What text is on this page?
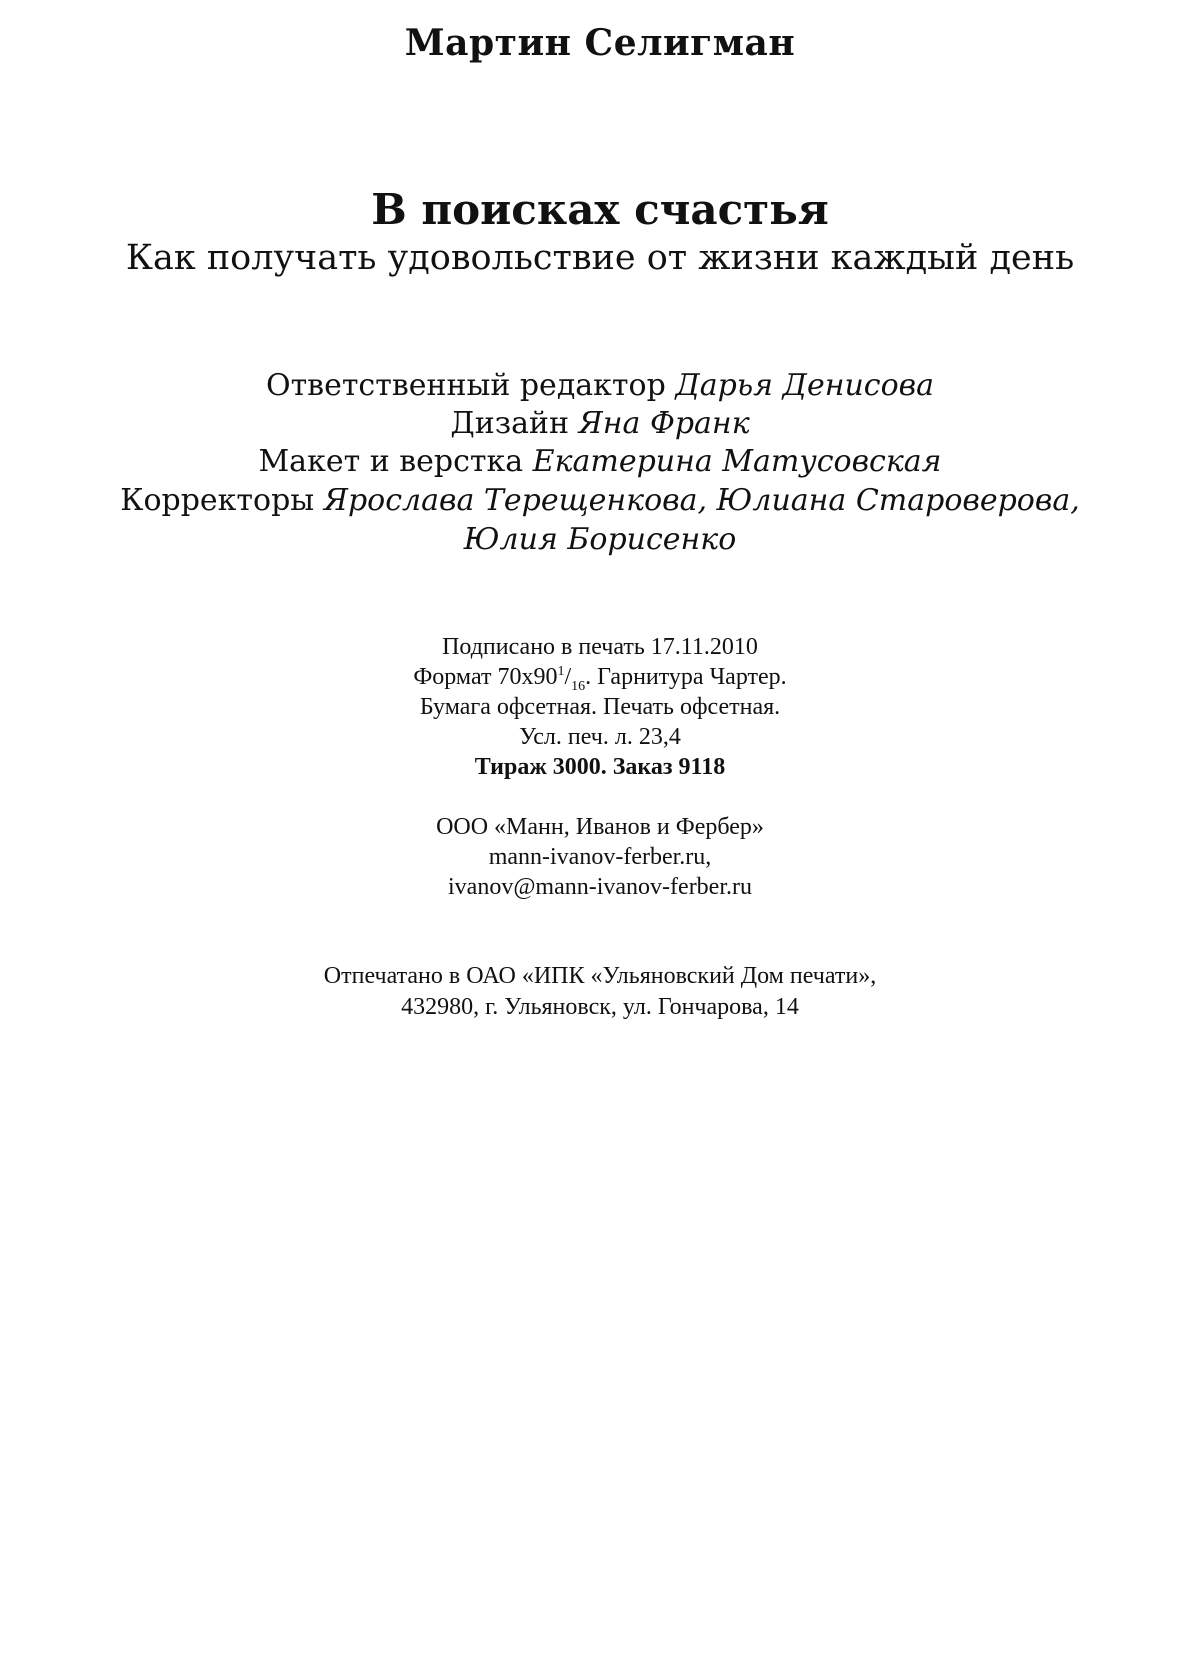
Мартин Селигман
В поисках счастья
Как получать удовольствие от жизни каждый день
Ответственный редактор Дарья Денисова
Дизайн Яна Франк
Макет и верстка Екатерина Матусовская
Корректоры Ярослава Терещенкова, Юлиана Староверова,
Юлия Борисенко
Подписано в печать 17.11.2010
Формат $70x90^1/_{16}$. Гарнитура Чартер.
Бумага офсетная. Печать офсетная.
Усл. печ. л. 23,4
Тираж 3000. Заказ 9118
ООО «Манн, Иванов и Фербер»
mann-ivanov-ferber.ru,
ivanov@mann-ivanov-ferber.ru
Отпечатано в ОАО «ИПК «Ульяновский Дом печати»,
432980, г. Ульяновск, ул. Гончарова, 14
